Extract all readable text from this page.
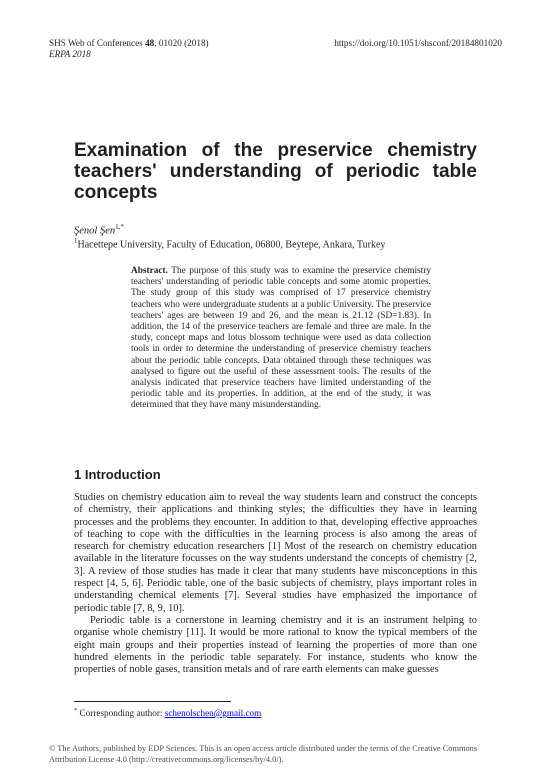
SHS Web of Conferences 48, 01020 (2018)
ERPA 2018
https://doi.org/10.1051/shsconf/20184801020
Examination of the preservice chemistry
teachers' understanding of periodic table
concepts
Şenol Şen$^{1,*}$
$^1$Hacettepe University, Faculty of Education, 06800, Beytepe, Ankara, Turkey
Abstract. The purpose of this study was to examine the preservice chemistry teachers' understanding of periodic table concepts and some atomic properties. The study group of this study was comprised of 17 preservice chemistry teachers who were undergraduate students at a public University. The preservice teachers' ages are between 19 and 26, and the mean is 21.12 (SD=1.83). In addition, the 14 of the preservice teachers are female and three are male. In the study, concept maps and lotus blossom technique were used as data collection tools in order to determine the understanding of preservice chemistry teachers about the periodic table concepts. Data obtained through these techniques was analysed to figure out the useful of these assessment tools. The results of the analysis indicated that preservice teachers have limited understanding of the periodic table and its properties. In addition, at the end of the study, it was determined that they have many misunderstanding.
1 Introduction

Studies on chemistry education aim to reveal the way students learn and construct the concepts of chemistry, their applications and thinking styles; the difficulties they have in learning processes and the problems they encounter. In addition to that, developing effective approaches of teaching to cope with the difficulties in the learning process is also among the areas of research for chemistry education researchers [1] Most of the research on chemistry education available in the literature focusses on the way students understand the concepts of chemistry [2, 3]. A review of those studies has made it clear that many students have misconceptions in this respect [4, 5, 6]. Periodic table, one of the basic subjects of chemistry, plays important roles in understanding chemical elements [7]. Several studies have emphasized the importance of periodic table [7, 8, 9, 10].

Periodic table is a cornerstone in learning chemistry and it is an instrument helping to organise whole chemistry [11]. It would be more rational to know the typical members of the eight main groups and their properties instead of learning the properties of more than one hundred elements in the periodic table separately. For instance, students who know the properties of noble gases, transition metals and of rare earth elements can make guesses

* Corresponding author: schenolschen@gmail.com
© The Authors, published by EDP Sciences. This is an open access article distributed under the terms of the Creative Commons
Attribution License 4.0 (http://creativecommons.org/licenses/by/4.0/).
